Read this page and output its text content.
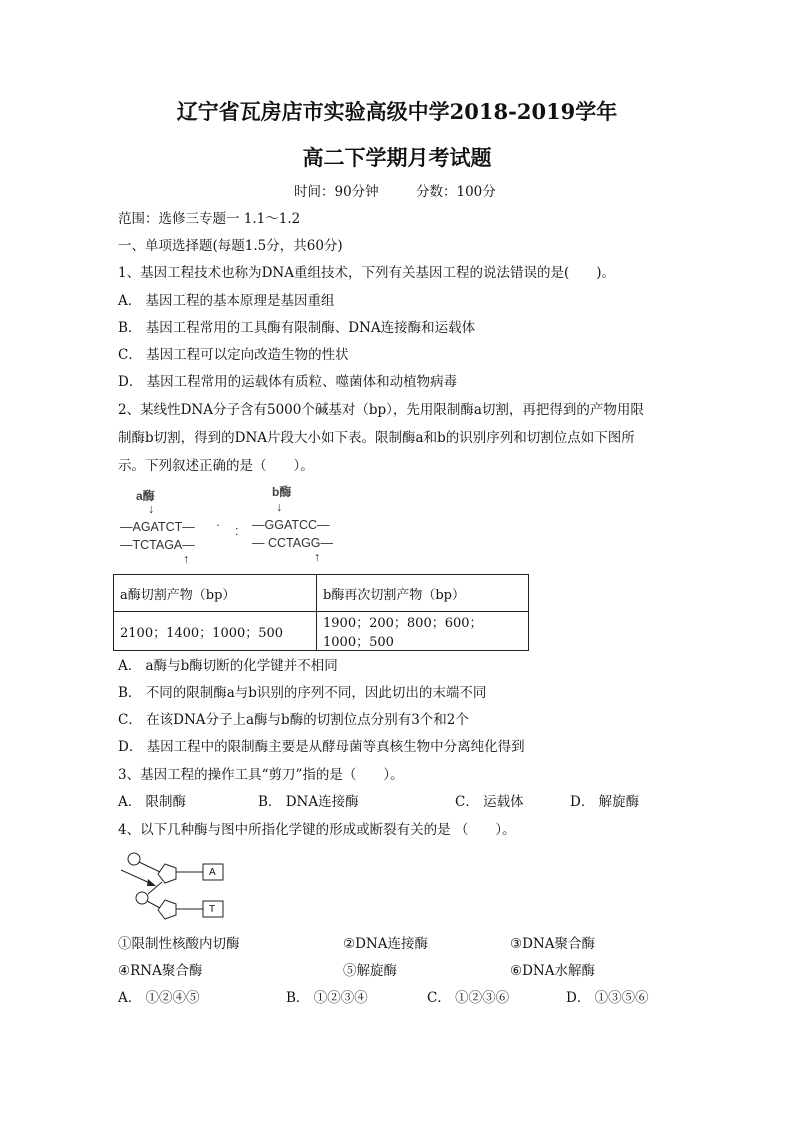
辽宁省瓦房店市实验高级中学2018-2019学年
高二下学期月考试题
时间：90分钟	分数：100分
范围：选修三专题一 1.1～1.2
一、单项选择题(每题1.5分，共60分)
1、基因工程技术也称为DNA重组技术，下列有关基因工程的说法错误的是(　　)。
A． 基因工程的基本原理是基因重组
B． 基因工程常用的工具酶有限制酶、DNA连接酶和运载体
C． 基因工程可以定向改造生物的性状
D． 基因工程常用的运载体有质粒、噬菌体和动植物病毒
2、某线性DNA分子含有5000个碱基对（bp），先用限制酶a切割，再把得到的产物用限
制酶b切割，得到的DNA片段大小如下表。限制酶a和b的识别序列和切割位点如下图所
示。下列叙述正确的是（　　）。
a酶
↓
—AGATCT—
—TCTAGA—
↑
· :
b酶
↓
—GGATCC—
— CCTAGG—
↑
a酶切割产物（bp）	b酶再次切割产物（bp）
2100；1400；1000；500	1900；200；800；600；1000；500
A． a酶与b酶切断的化学键并不相同
B． 不同的限制酶a与b识别的序列不同，因此切出的末端不同
C． 在该DNA分子上a酶与b酶的切割位点分别有3个和2个
D． 基因工程中的限制酶主要是从酵母菌等真核生物中分离纯化得到
3、基因工程的操作工具“剪刀”指的是（　　）。
A． 限制酶	B． DNA连接酶	C． 运载体	D． 解旋酶
4、以下几种酶与图中所指化学键的形成或断裂有关的是 （　　）。
A
T
①限制性核酸内切酶	②DNA连接酶	③DNA聚合酶
④RNA聚合酶	⑤解旋酶	⑥DNA水解酶
A． ①②④⑤	B． ①②③④	C． ①②③⑥	D． ①③⑤⑥
